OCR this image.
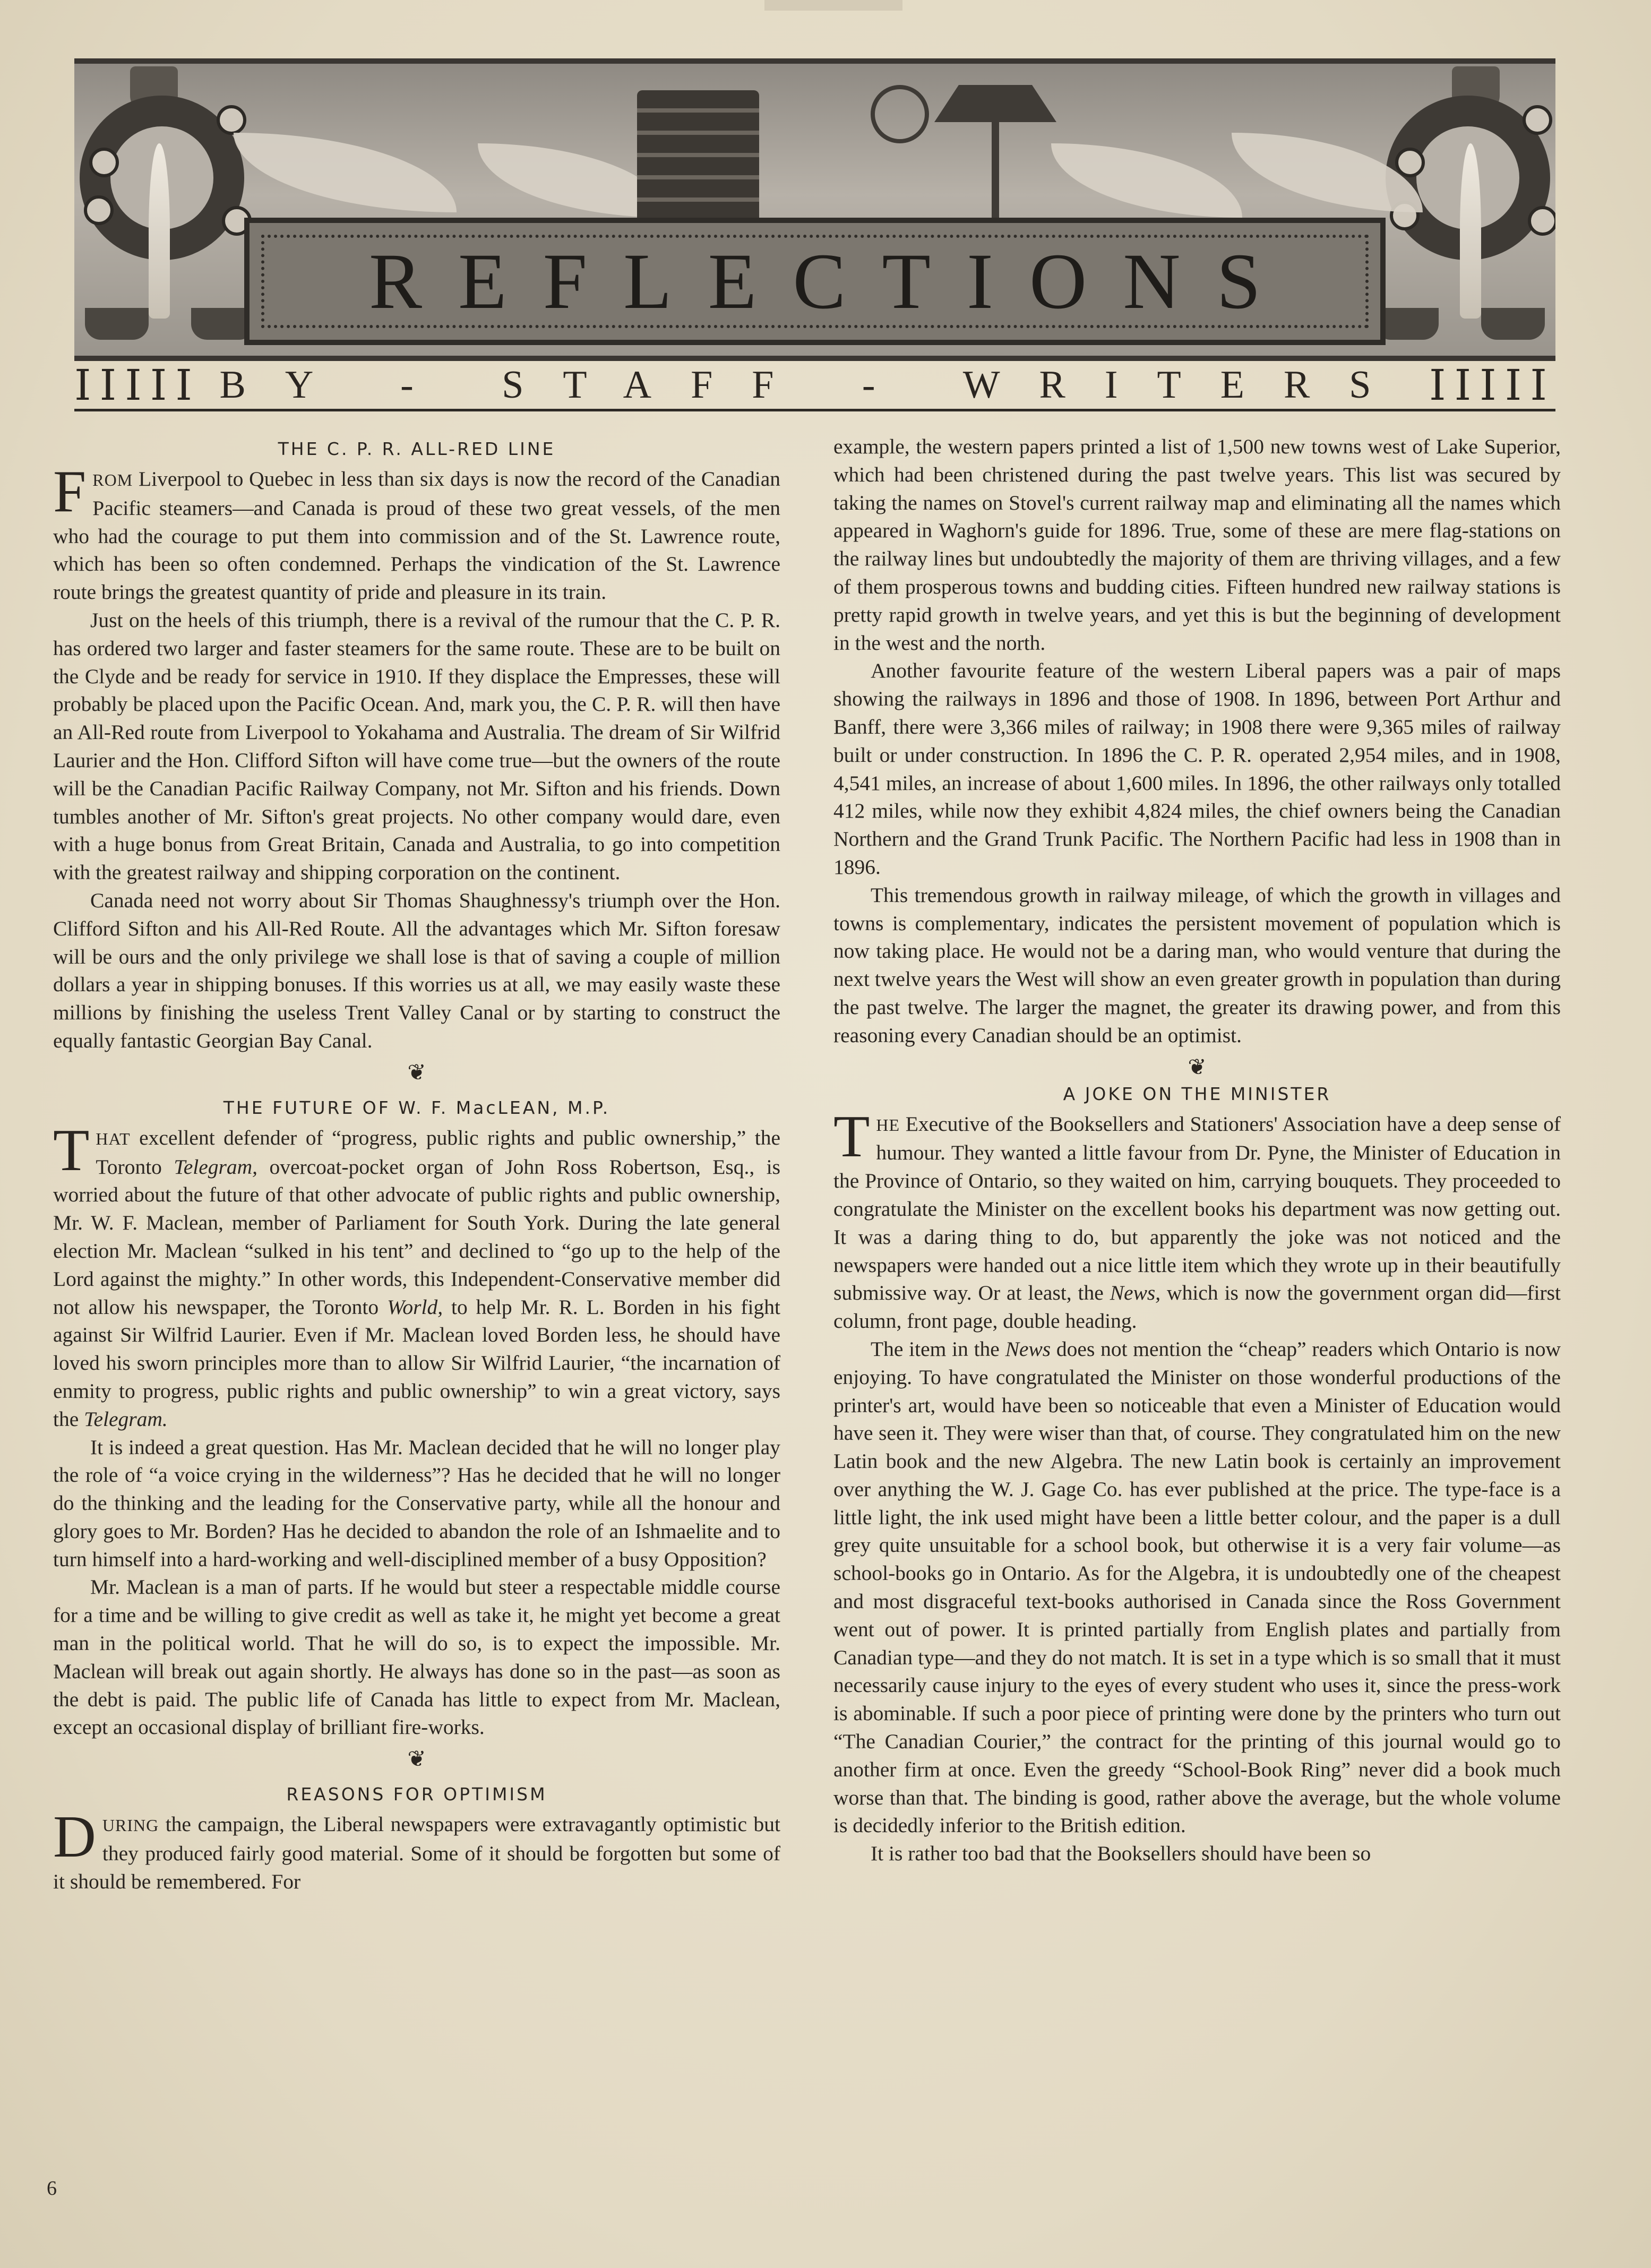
REFLECTIONS
IIIII BY - STAFF - WRITERS IIIII
THE C. P. R. ALL-RED LINE

FROM Liverpool to Quebec in less than six days is now the record of the Canadian Pacific steamers—and Canada is proud of these two great vessels, of the men who had the courage to put them into commission and of the St. Lawrence route, which has been so often condemned. Perhaps the vindication of the St. Lawrence route brings the greatest quantity of pride and pleasure in its train.

Just on the heels of this triumph, there is a revival of the rumour that the C. P. R. has ordered two larger and faster steamers for the same route. These are to be built on the Clyde and be ready for service in 1910. If they displace the Empresses, these will probably be placed upon the Pacific Ocean. And, mark you, the C. P. R. will then have an All-Red route from Liverpool to Yokahama and Australia. The dream of Sir Wilfrid Laurier and the Hon. Clifford Sifton will have come true—but the owners of the route will be the Canadian Pacific Railway Company, not Mr. Sifton and his friends. Down tumbles another of Mr. Sifton's great projects. No other company would dare, even with a huge bonus from Great Britain, Canada and Australia, to go into competition with the greatest railway and shipping corporation on the continent.

Canada need not worry about Sir Thomas Shaughnessy's triumph over the Hon. Clifford Sifton and his All-Red Route. All the advantages which Mr. Sifton foresaw will be ours and the only privilege we shall lose is that of saving a couple of million dollars a year in shipping bonuses. If this worries us at all, we may easily waste these millions by finishing the useless Trent Valley Canal or by starting to construct the equally fantastic Georgian Bay Canal.

❦
THE FUTURE OF W. F. MacLEAN, M.P.

THAT excellent defender of “progress, public rights and public ownership,” the Toronto Telegram, overcoat-pocket organ of John Ross Robertson, Esq., is worried about the future of that other advocate of public rights and public ownership, Mr. W. F. Maclean, member of Parliament for South York. During the late general election Mr. Maclean “sulked in his tent” and declined to “go up to the help of the Lord against the mighty.” In other words, this Independent-Conservative member did not allow his newspaper, the Toronto World, to help Mr. R. L. Borden in his fight against Sir Wilfrid Laurier. Even if Mr. Maclean loved Borden less, he should have loved his sworn principles more than to allow Sir Wilfrid Laurier, “the incarnation of enmity to progress, public rights and public ownership” to win a great victory, says the Telegram.

It is indeed a great question. Has Mr. Maclean decided that he will no longer play the role of “a voice crying in the wilderness”? Has he decided that he will no longer do the thinking and the leading for the Conservative party, while all the honour and glory goes to Mr. Borden? Has he decided to abandon the role of an Ishmaelite and to turn himself into a hard-working and well-disciplined member of a busy Opposition?

Mr. Maclean is a man of parts. If he would but steer a respectable middle course for a time and be willing to give credit as well as take it, he might yet become a great man in the political world. That he will do so, is to expect the impossible. Mr. Maclean will break out again shortly. He always has done so in the past—as soon as the debt is paid. The public life of Canada has little to expect from Mr. Maclean, except an occasional display of brilliant fire-works.

❦
REASONS FOR OPTIMISM

DURING the campaign, the Liberal newspapers were extravagantly optimistic but they produced fairly good material. Some of it should be forgotten but some of it should be remembered. For

example, the western papers printed a list of 1,500 new towns west of Lake Superior, which had been christened during the past twelve years. This list was secured by taking the names on Stovel's current railway map and eliminating all the names which appeared in Waghorn's guide for 1896. True, some of these are mere flag-stations on the railway lines but undoubtedly the majority of them are thriving villages, and a few of them prosperous towns and budding cities. Fifteen hundred new railway stations is pretty rapid growth in twelve years, and yet this is but the beginning of development in the west and the north.

Another favourite feature of the western Liberal papers was a pair of maps showing the railways in 1896 and those of 1908. In 1896, between Port Arthur and Banff, there were 3,366 miles of railway; in 1908 there were 9,365 miles of railway built or under construction. In 1896 the C. P. R. operated 2,954 miles, and in 1908, 4,541 miles, an increase of about 1,600 miles. In 1896, the other railways only totalled 412 miles, while now they exhibit 4,824 miles, the chief owners being the Canadian Northern and the Grand Trunk Pacific. The Northern Pacific had less in 1908 than in 1896.

This tremendous growth in railway mileage, of which the growth in villages and towns is complementary, indicates the persistent movement of population which is now taking place. He would not be a daring man, who would venture that during the next twelve years the West will show an even greater growth in population than during the past twelve. The larger the magnet, the greater its drawing power, and from this reasoning every Canadian should be an optimist.

❦
A JOKE ON THE MINISTER

THE Executive of the Booksellers and Stationers' Association have a deep sense of humour. They wanted a little favour from Dr. Pyne, the Minister of Education in the Province of Ontario, so they waited on him, carrying bouquets. They proceeded to congratulate the Minister on the excellent books his department was now getting out. It was a daring thing to do, but apparently the joke was not noticed and the newspapers were handed out a nice little item which they wrote up in their beautifully submissive way. Or at least, the News, which is now the government organ did—first column, front page, double heading.

The item in the News does not mention the “cheap” readers which Ontario is now enjoying. To have congratulated the Minister on those wonderful productions of the printer's art, would have been so noticeable that even a Minister of Education would have seen it. They were wiser than that, of course. They congratulated him on the new Latin book and the new Algebra. The new Latin book is certainly an improvement over anything the W. J. Gage Co. has ever published at the price. The type-face is a little light, the ink used might have been a little better colour, and the paper is a dull grey quite unsuitable for a school book, but otherwise it is a very fair volume—as school-books go in Ontario. As for the Algebra, it is undoubtedly one of the cheapest and most disgraceful text-books authorised in Canada since the Ross Government went out of power. It is printed partially from English plates and partially from Canadian type—and they do not match. It is set in a type which is so small that it must necessarily cause injury to the eyes of every student who uses it, since the press-work is abominable. If such a poor piece of printing were done by the printers who turn out “The Canadian Courier,” the contract for the printing of this journal would go to another firm at once. Even the greedy “School-Book Ring” never did a book much worse than that. The binding is good, rather above the average, but the whole volume is decidedly inferior to the British edition.

It is rather too bad that the Booksellers should have been so

6
